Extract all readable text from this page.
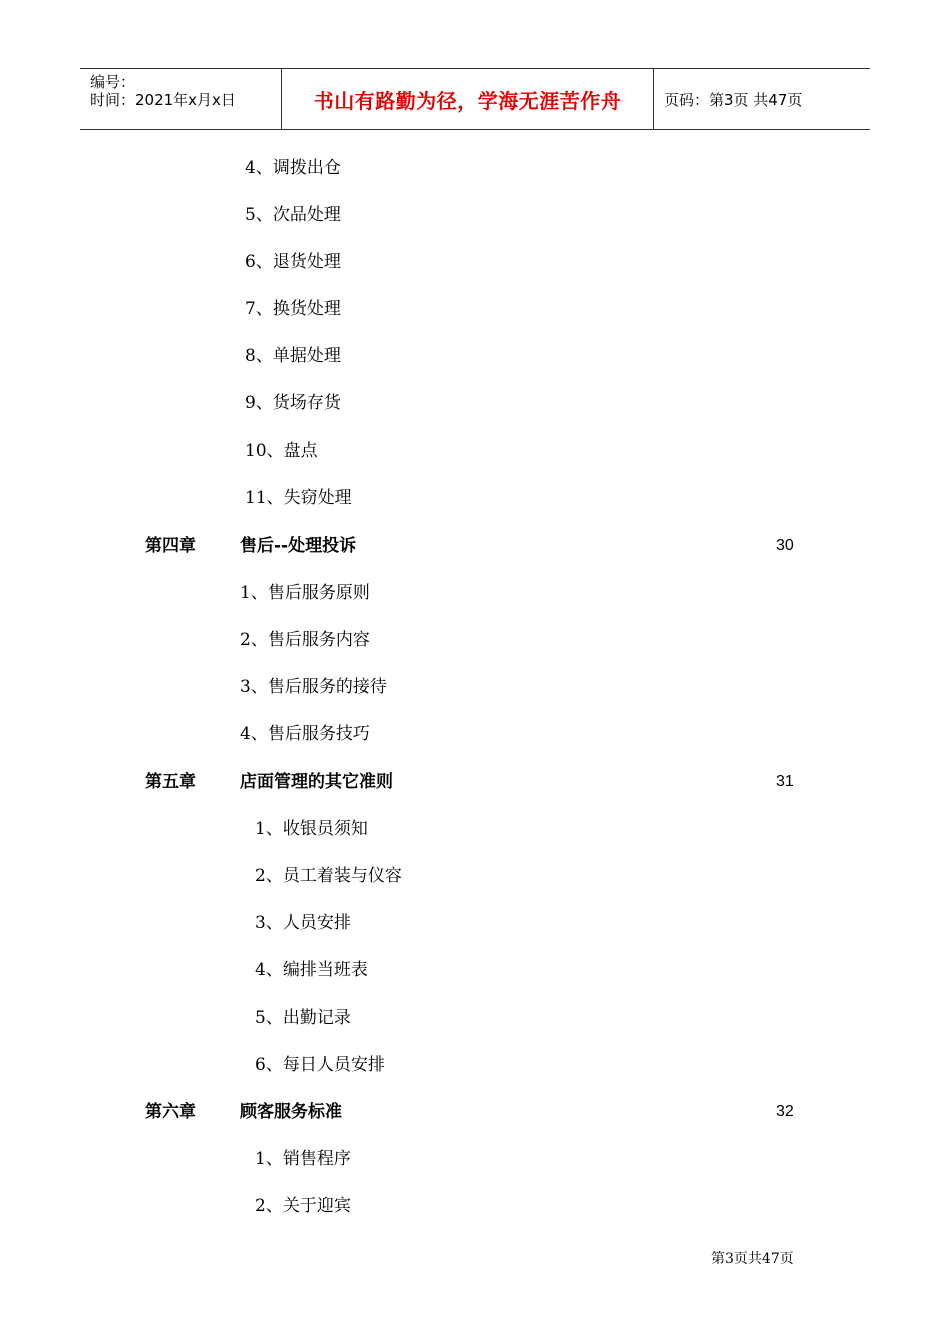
编号：
时间：2021年x月x日	书山有路勤为径，学海无涯苦作舟	页码：第3页 共47页
4、调拨出仓
5、次品处理
6、退货处理
7、换货处理
8、单据处理
9、货场存货
10、盘点
11、失窃处理
第四章	售后--处理投诉	30
1、售后服务原则
2、售后服务内容
3、售后服务的接待
4、售后服务技巧
第五章	店面管理的其它准则	31
1、收银员须知
2、员工着装与仪容
3、人员安排
4、编排当班表
5、出勤记录
6、每日人员安排
第六章	顾客服务标准	32
1、销售程序
2、关于迎宾
第3页共47页
